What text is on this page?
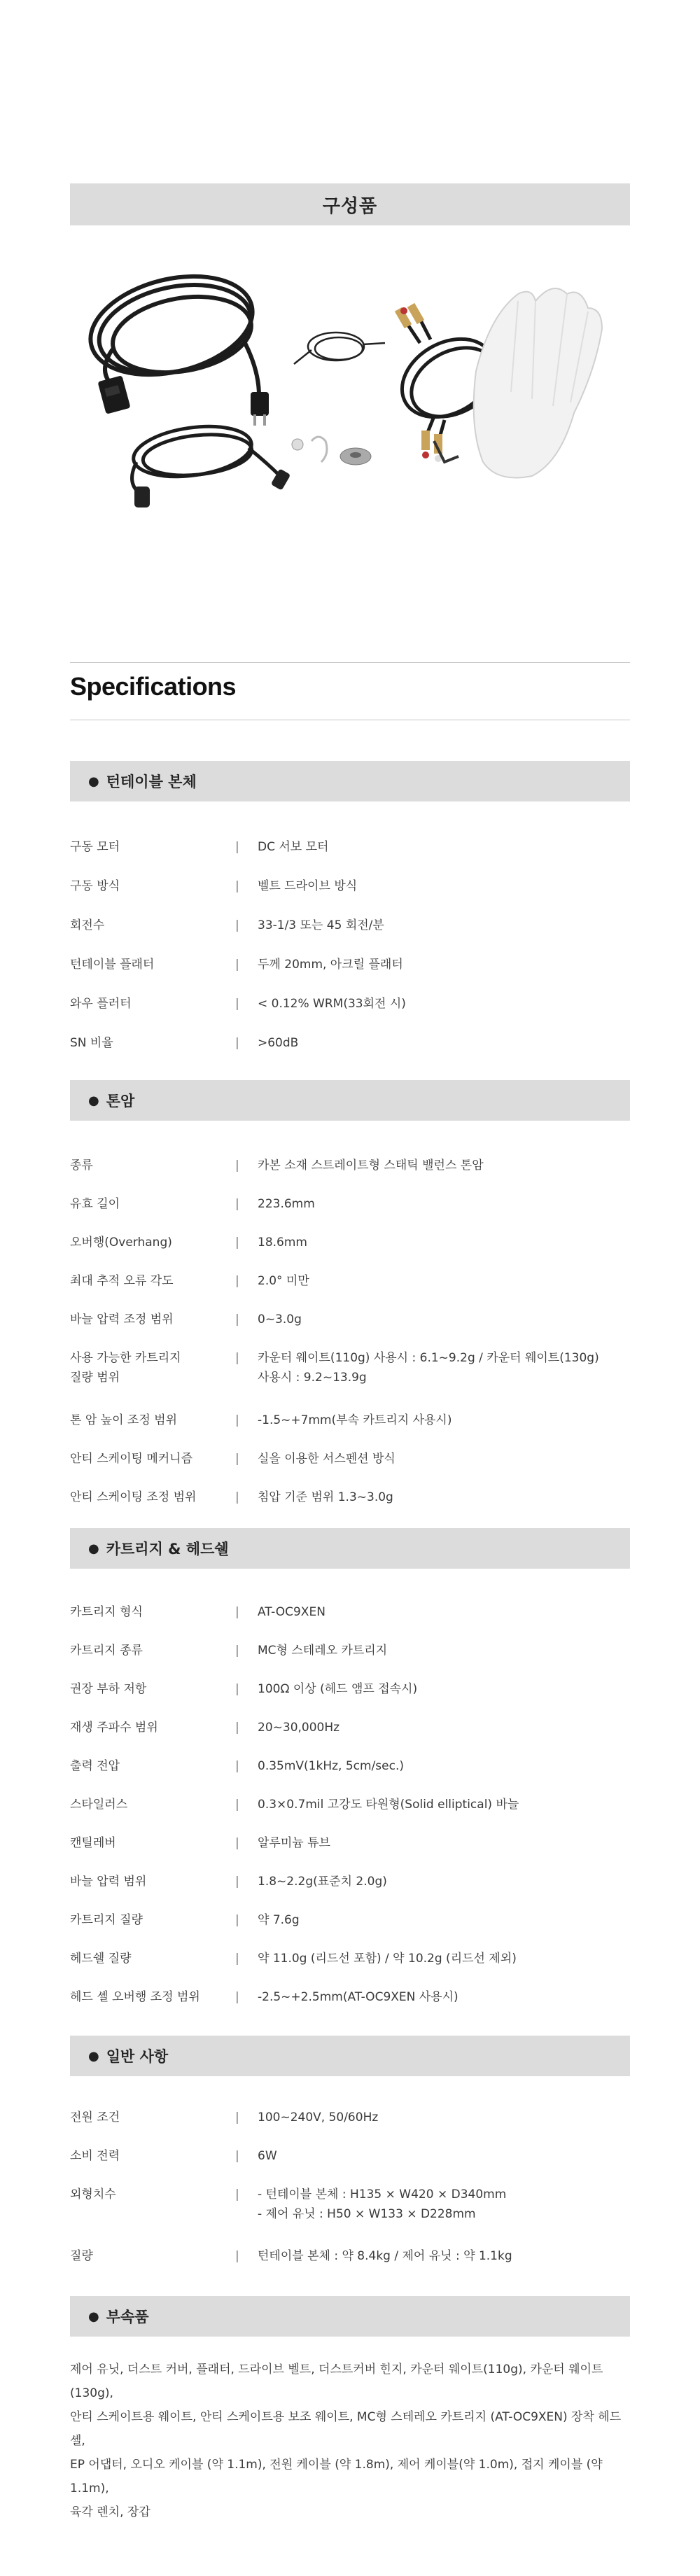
구성품
Specifications
● 턴테이블 본체
구동 모터	| DC 서보 모터
구동 방식	| 벨트 드라이브 방식
회전수	| 33-1/3 또는 45 회전/분
턴테이블 플래터	| 두께 20mm, 아크릴 플래터
와우 플러터	| < 0.12% WRM(33회전 시)
SN 비율	| >60dB
● 톤암
종류	| 카본 소재 스트레이트형 스태틱 밸런스 톤암
유효 길이	| 223.6mm
오버행(Overhang)	| 18.6mm
최대 추적 오류 각도	| 2.0° 미만
바늘 압력 조정 범위	| 0~3.0g
사용 가능한 카트리지
질량 범위
| 카운터 웨이트(110g) 사용시 : 6.1~9.2g / 카운터 웨이트(130g)
사용시 : 9.2~13.9g
톤 암 높이 조정 범위	| -1.5~+7mm(부속 카트리지 사용시)
안티 스케이팅 메커니즘	| 실을 이용한 서스펜션 방식
안티 스케이팅 조정 범위	| 침압 기준 범위 1.3~3.0g
● 카트리지 & 헤드쉘
카트리지 형식	| AT-OC9XEN
카트리지 종류	| MC형 스테레오 카트리지
권장 부하 저항	| 100Ω 이상 (헤드 앰프 접속시)
재생 주파수 범위	| 20~30,000Hz
출력 전압	| 0.35mV(1kHz, 5cm/sec.)
스타일러스	| 0.3×0.7mil 고강도 타원형(Solid elliptical) 바늘
캔틸레버	| 알루미늄 튜브
바늘 압력 범위	| 1.8~2.2g(표준치 2.0g)
카트리지 질량	| 약 7.6g
헤드쉘 질량	| 약 11.0g (리드선 포함) / 약 10.2g (리드선 제외)
헤드 셸 오버행 조정 범위	| -2.5~+2.5mm(AT-OC9XEN 사용시)
● 일반 사항
전원 조건	| 100~240V, 50/60Hz
소비 전력	| 6W
외형치수	| - 턴테이블 본체 : H135 × W420 × D340mm
- 제어 유닛 : H50 × W133 × D228mm
질량	| 턴테이블 본체 : 약 8.4kg / 제어 유닛 : 약 1.1kg
● 부속품
제어 유닛, 더스트 커버, 플래터, 드라이브 벨트, 더스트커버 힌지, 카운터 웨이트(110g), 카운터 웨이트(130g),
안티 스케이트용 웨이트, 안티 스케이트용 보조 웨이트, MC형 스테레오 카트리지 (AT-OC9XEN) 장착 헤드셸,
EP 어댑터, 오디오 케이블 (약 1.1m), 전원 케이블 (약 1.8m), 제어 케이블(약 1.0m), 접지 케이블 (약 1.1m),
육각 렌치, 장갑
